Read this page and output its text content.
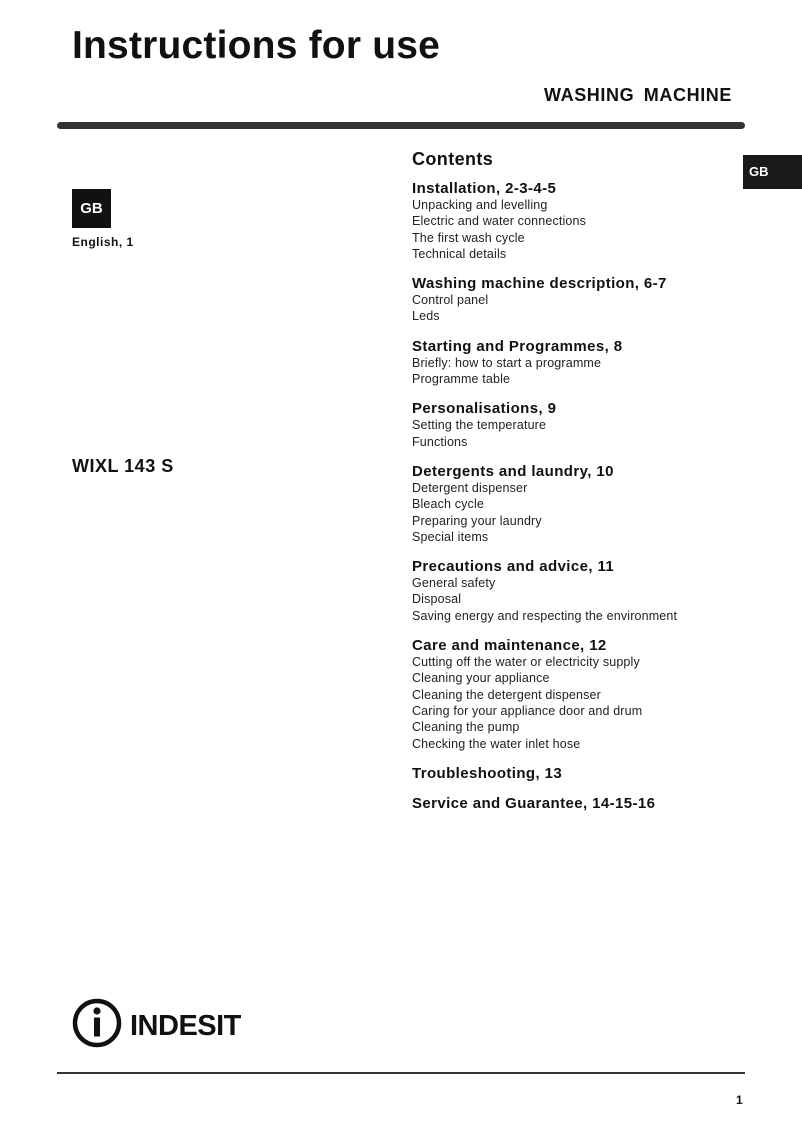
Instructions for use
WASHING MACHINE
GB
GB
English, 1
WIXL 143 S
Contents
Installation, 2-3-4-5
Unpacking and levelling
Electric and water connections
The first wash cycle
Technical details
Washing machine description, 6-7
Control panel
Leds
Starting and Programmes, 8
Briefly: how to start a programme
Programme table
Personalisations, 9
Setting the temperature
Functions
Detergents and laundry, 10
Detergent dispenser
Bleach cycle
Preparing your laundry
Special items
Precautions and advice, 11
General safety
Disposal
Saving energy and respecting the environment
Care and maintenance, 12
Cutting off the water or electricity supply
Cleaning your appliance
Cleaning the detergent dispenser
Caring for your appliance door and drum
Cleaning the pump
Checking the water inlet hose
Troubleshooting, 13
Service and Guarantee, 14-15-16
INDESIT
1
